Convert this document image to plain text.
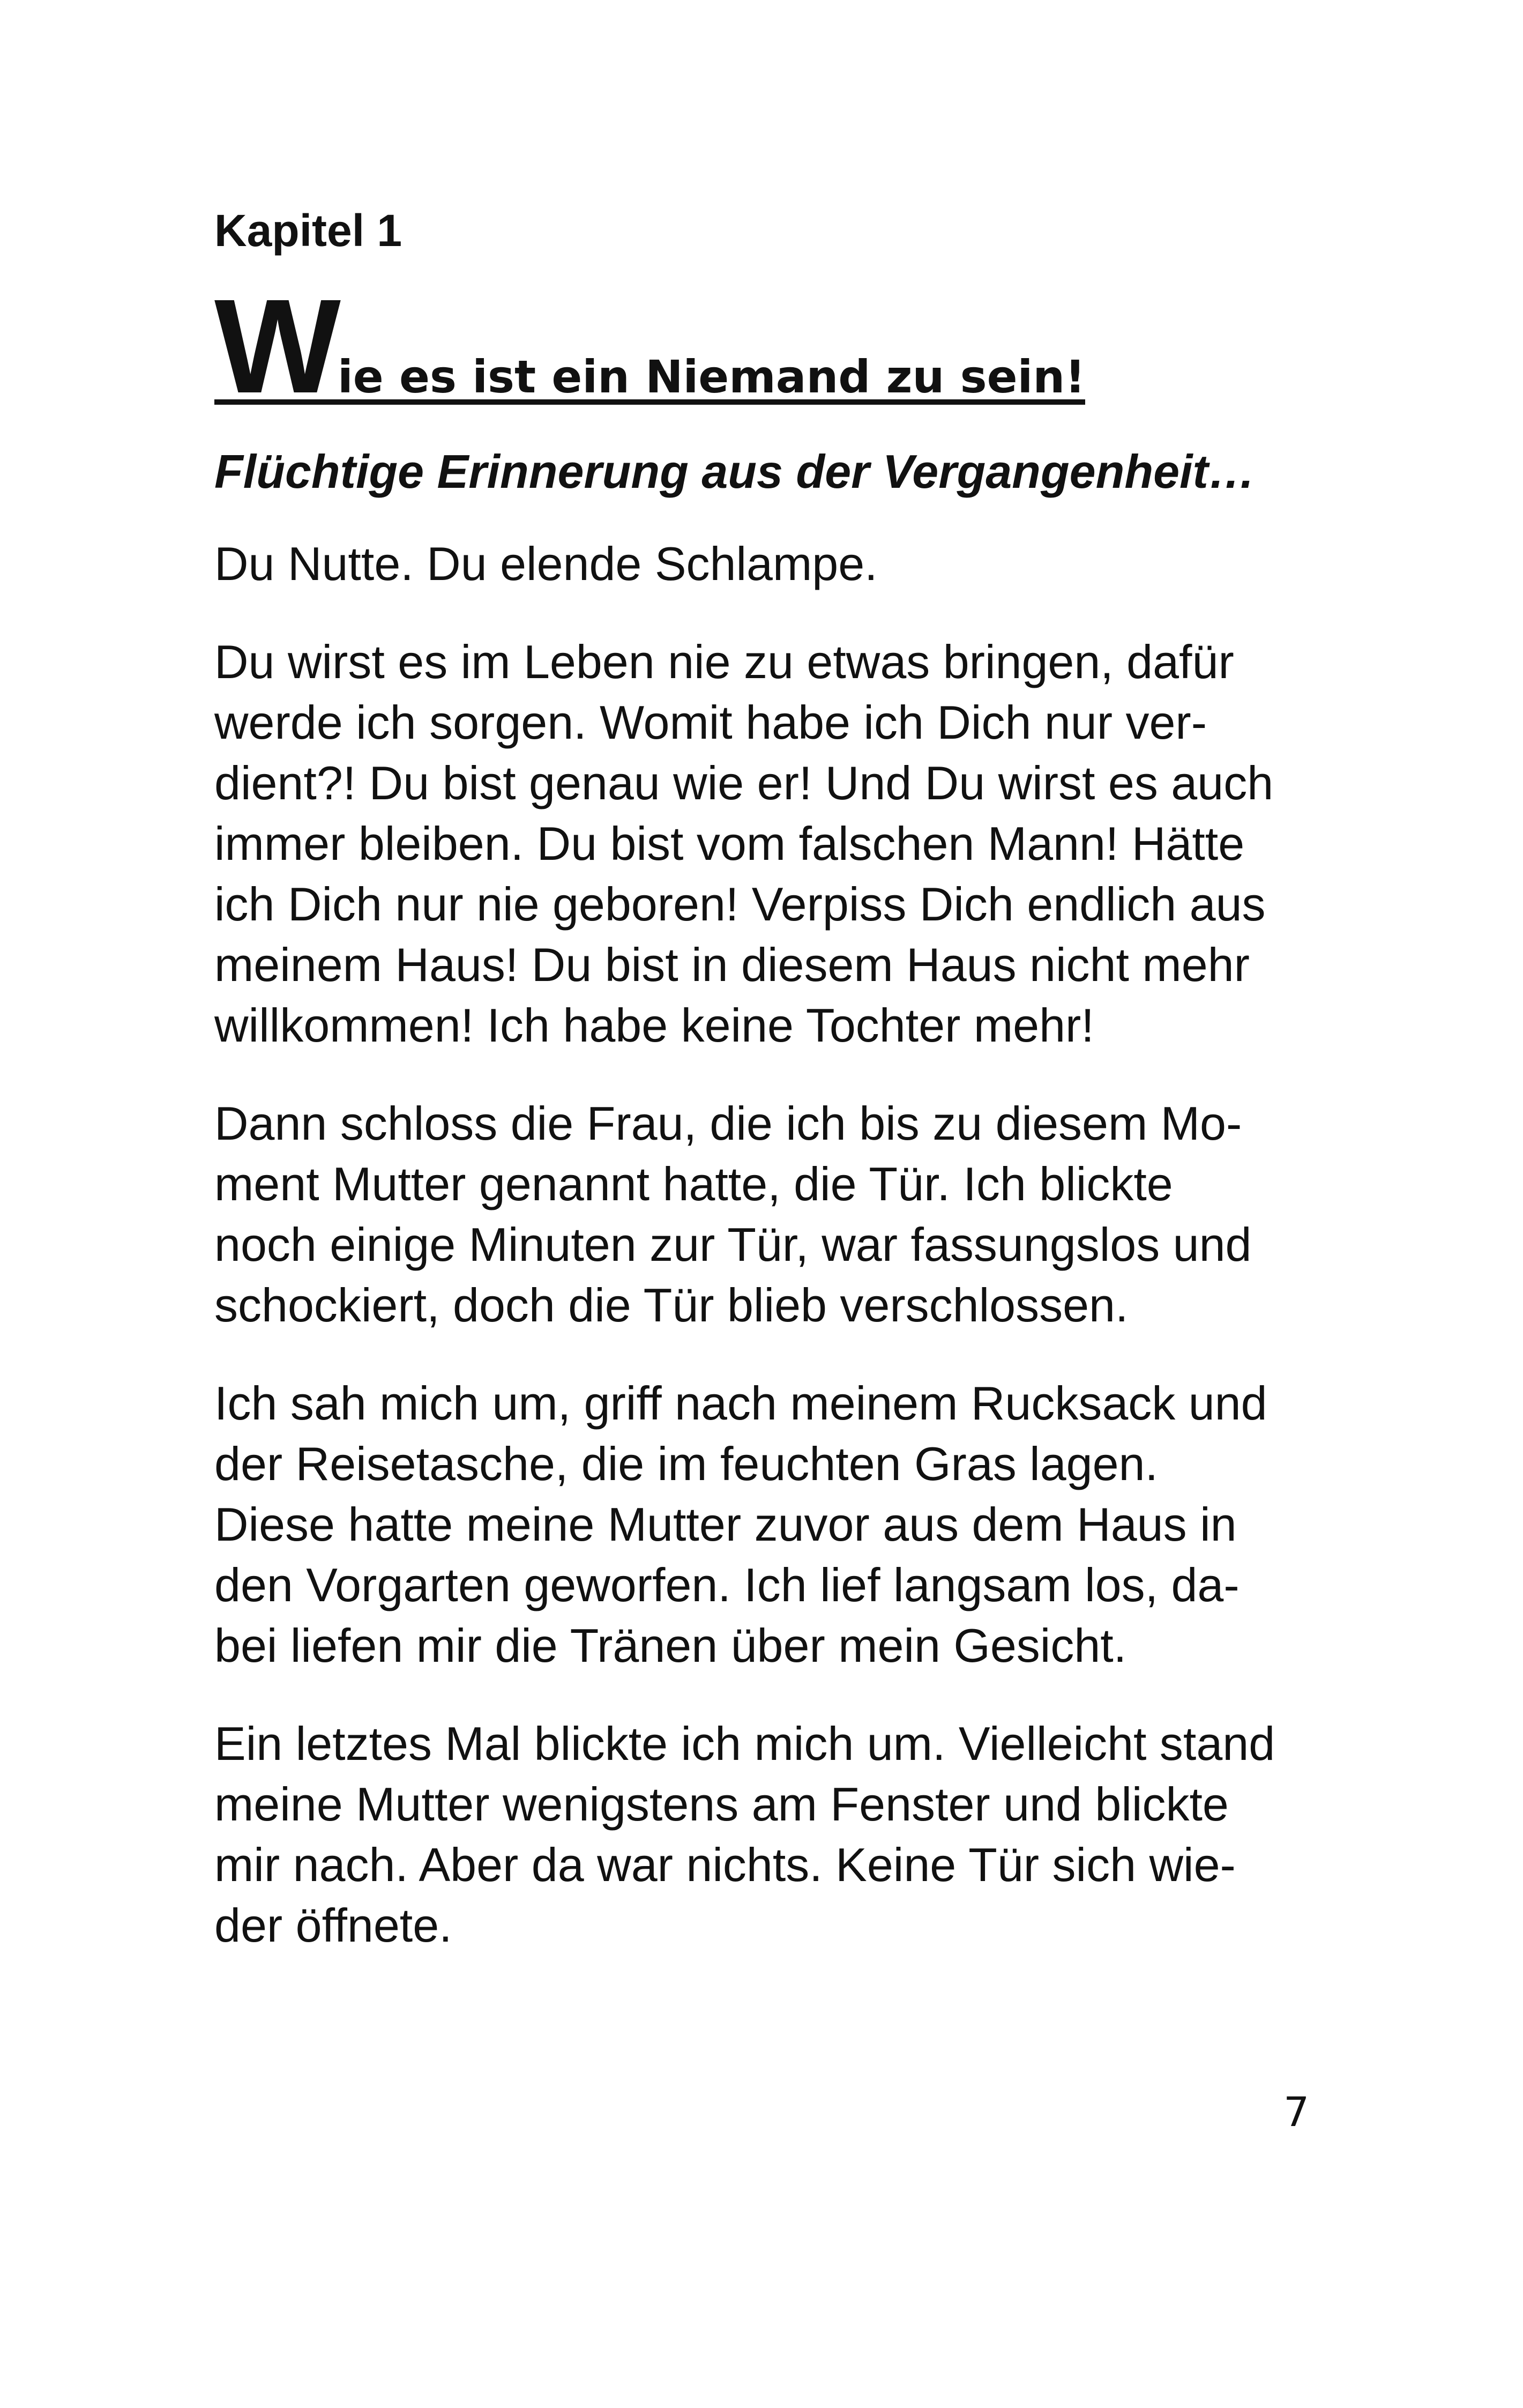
Kapitel 1
Wie es ist ein Niemand zu sein!
Flüchtige Erinnerung aus der Vergangenheit…
Du Nutte. Du elende Schlampe.
Du wirst es im Leben nie zu etwas bringen, dafür
werde ich sorgen. Womit habe ich Dich nur ver-
dient?! Du bist genau wie er! Und Du wirst es auch
immer bleiben. Du bist vom falschen Mann! Hätte
ich Dich nur nie geboren! Verpiss Dich endlich aus
meinem Haus! Du bist in diesem Haus nicht mehr
willkommen! Ich habe keine Tochter mehr!
Dann schloss die Frau, die ich bis zu diesem Mo-
ment Mutter genannt hatte, die Tür. Ich blickte
noch einige Minuten zur Tür, war fassungslos und
schockiert, doch die Tür blieb verschlossen.
Ich sah mich um, griff nach meinem Rucksack und
der Reisetasche, die im feuchten Gras lagen.
Diese hatte meine Mutter zuvor aus dem Haus in
den Vorgarten geworfen. Ich lief langsam los, da-
bei liefen mir die Tränen über mein Gesicht.
Ein letztes Mal blickte ich mich um. Vielleicht stand
meine Mutter wenigstens am Fenster und blickte
mir nach. Aber da war nichts. Keine Tür sich wie-
der öffnete.
7
